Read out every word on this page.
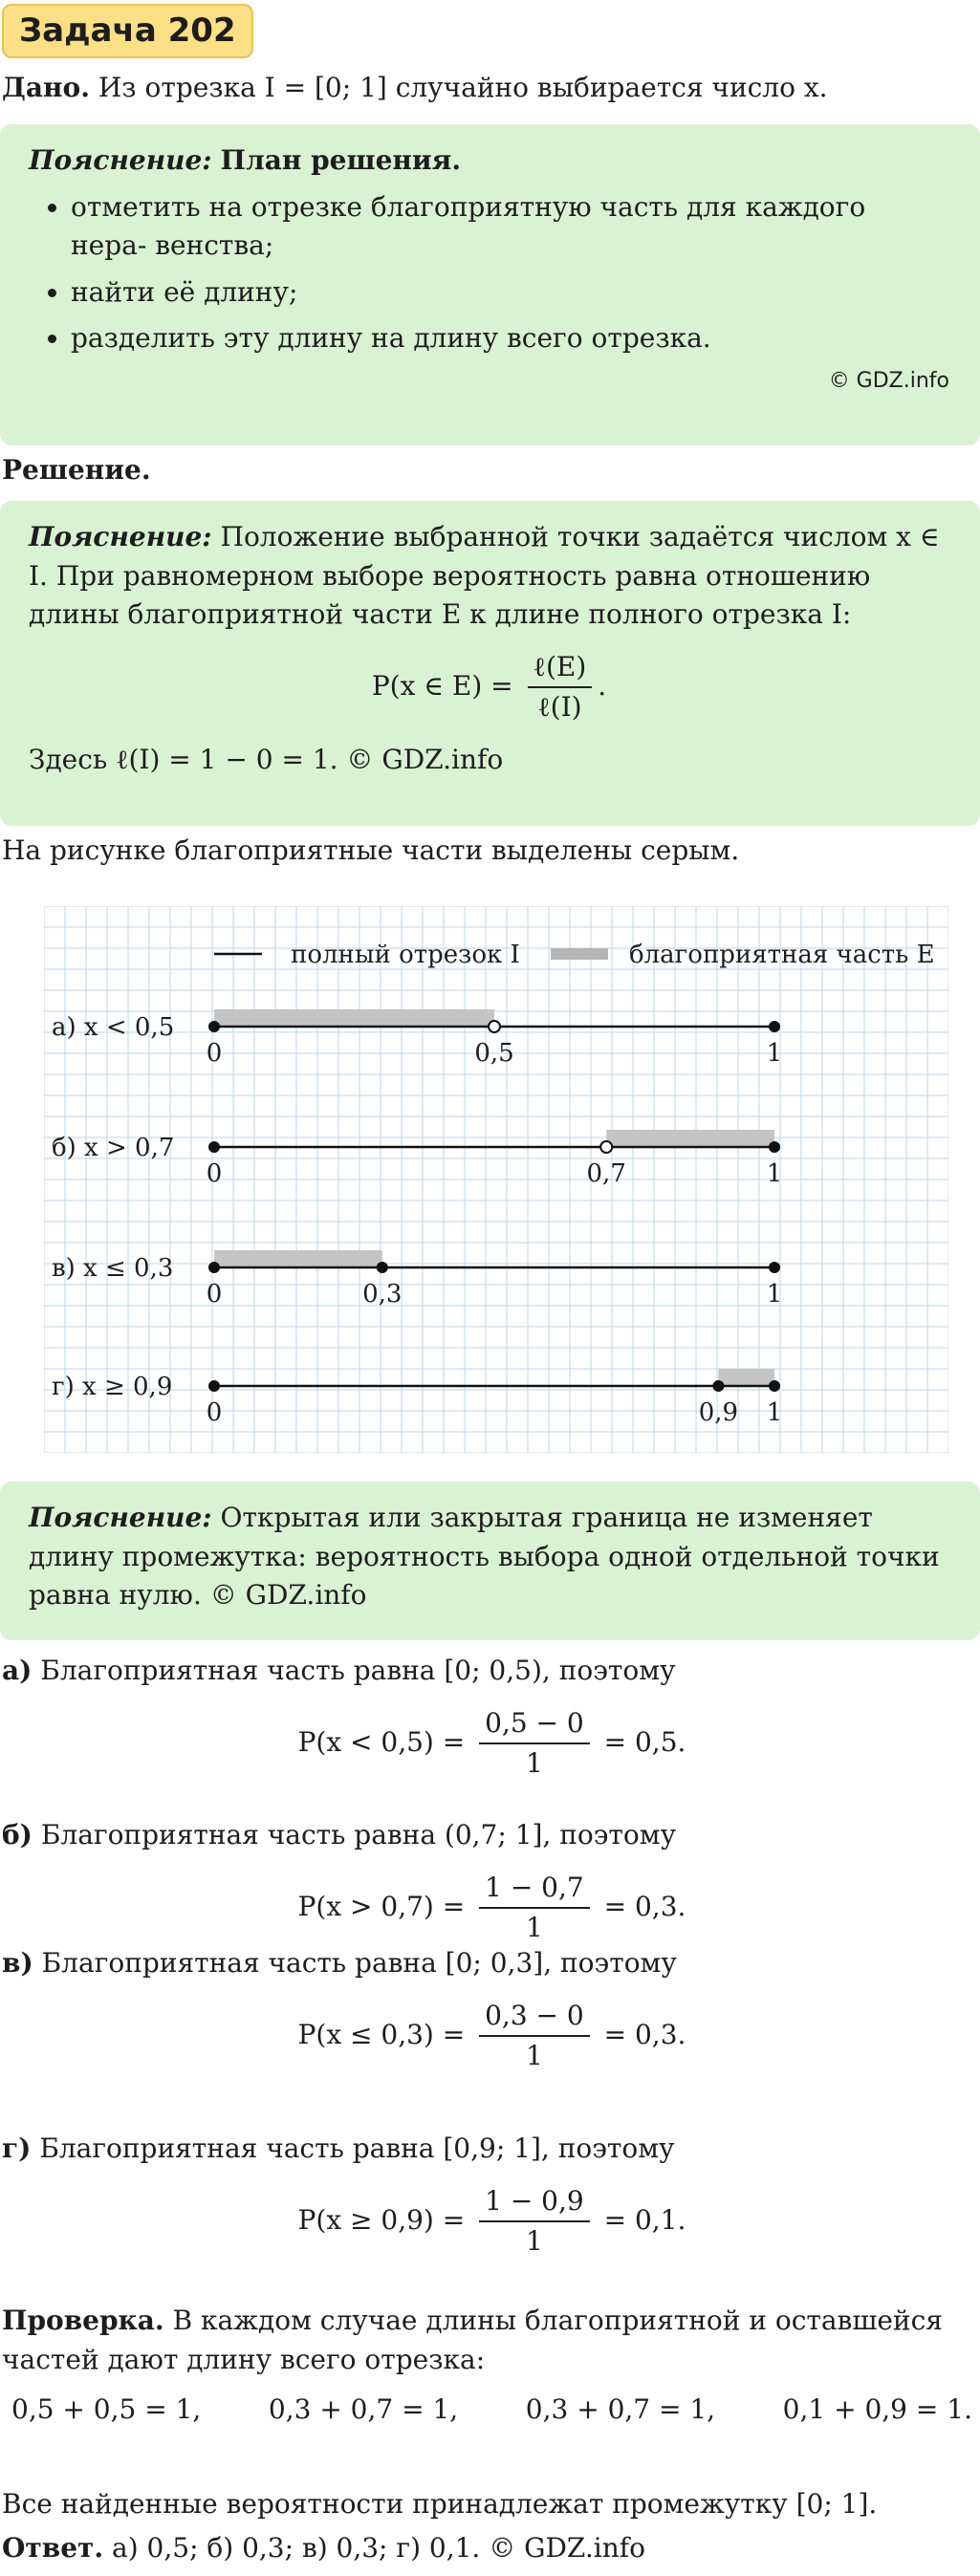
Задача 202
Дано. Из отрезка I = [0; 1] случайно выбирается число x.
Пояснение: План решения.
• отметить на отрезке благоприятную часть для каждого нера- венства;
• найти её длину;
• разделить эту длину на длину всего отрезка.
© GDZ.info
Решение.
Пояснение: Положение выбранной точки задаётся числом x ∈ I. При равномерном выборе вероятность равна отношению длины благоприятной части E к длине полного отрезка I:
P(x ∈ $E) = \frac{\text{ℓ(E)}}{\text{ℓ(I)}}$ .
Здесь ℓ(I) = 1 − 0 = 1. © GDZ.info
На рисунке благоприятные части выделены серым.
полный отрезок I	благоприятная часть E
а) x < 0,5
0	0,5	1
б) x > 0,7
0	0,7	1
в) x ≤ 0,3
0	0,3	1
г) x ≥ 0,9
0	0,9 1
Пояснение: Открытая или закрытая граница не изменяет длину промежутка: вероятность выбора одной отдельной точки равна нулю. © GDZ.info
а) Благоприятная часть равна [0; 0,5), поэтому
$P(x < 0,5) = \frac{0,5 - 0}{1} = 0,5$.
б) Благоприятная часть равна (0,7; 1], поэтому
$P(x > 0,7) = \frac{1 - 0,7}{1} = 0,3$.
в) Благоприятная часть равна [0; 0,3], поэтому
$P(x \le 0,3) = \frac{0,3 - 0}{1} = 0,3$.
г) Благоприятная часть равна [0,9; 1], поэтому
$P(x \ge 0,9) = \frac{1 - 0,9}{1} = 0,1$.
Проверка. В каждом случае длины благоприятной и оставшейся частей дают длину всего отрезка:
0,5 + 0,5 = 1,	0,3 + 0,7 = 1,	0,3 + 0,7 = 1,	0,1 + 0,9 = 1.
Все найденные вероятности принадлежат промежутку [0; 1].
Ответ. а) 0,5; б) 0,3; в) 0,3; г) 0,1. © GDZ.info
